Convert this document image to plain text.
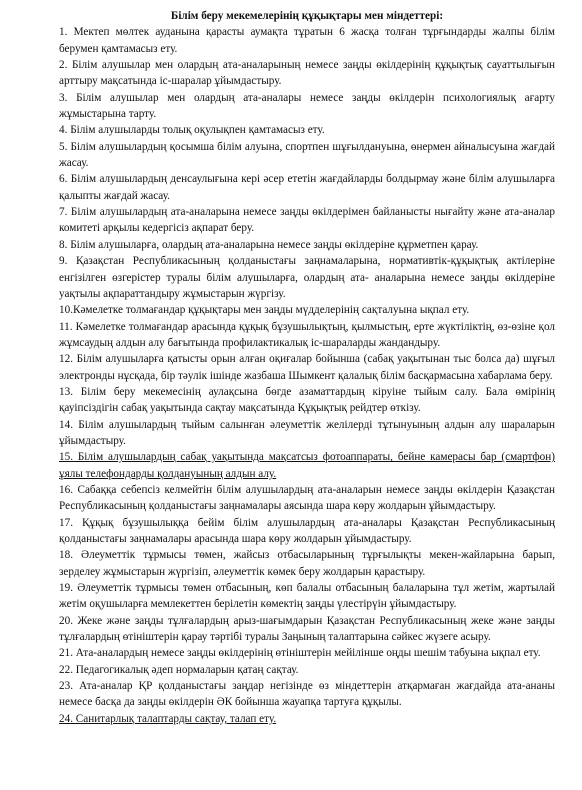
Білім беру мекемелерінің құқықтары мен міндеттері:

1. Мектеп мөлтек ауданына қарасты аумақта тұратын 6 жасқа толған тұрғындарды жалпы білім берумен қамтамасыз ету.

2. Білім алушылар мен олардың ата-аналарының немесе заңды өкілдерінің құқықтық сауаттылығын арттыру мақсатында іс-шаралар ұйымдастыру.

3. Білім алушылар мен олардың ата-аналары немесе заңды өкілдерін психологиялық ағарту жұмыстарына тарту.

4. Білім алушыларды толық оқулықпен қамтамасыз ету.

5. Білім алушылардың қосымша білім алуына, спортпен шұғылдануына, өнермен айналысуына жағдай жасау.

6. Білім алушылардың денсаулығына кері әсер ететін жағдайларды болдырмау және білім алушыларға қалыпты жағдай жасау.

7. Білім алушылардың ата-аналарына немесе заңды өкілдерімен байланысты нығайту және ата-аналар комитеті арқылы кедергісіз ақпарат беру.

8. Білім алушыларға, олардың ата-аналарына немесе заңды өкілдеріне құрметпен қарау.

9. Қазақстан Республикасының қолданыстағы заңнамаларына, нормативтік-құқықтық актілеріне енгізілген өзгерістер туралы білім алушыларға, олардың ата- аналарына немесе заңды өкілдеріне уақтылы ақпараттандыру жұмыстарын жүргізу.

10.Кәмелетке толмағандар құқықтары мен заңды мүдделерінің сақталуына ықпал ету.

11. Кәмелетке толмағандар арасында құқық бұзушылықтың, қылмыстың, ерте жүктіліктің, өз-өзіне қол жұмсаудың алдын алу бағытында профилактикалық іс-шараларды жандандыру.

12. Білім алушыларға қатысты орын алған оқиғалар бойынша (сабақ уақытынан тыс болса да) шұғыл электронды нұсқада, бір тәулік ішінде жазбаша Шымкент қалалық білім басқармасына хабарлама беру.

13. Білім беру мекемесінің аулақсына бөгде азаматтардың кіруіне тыйым салу. Бала өмірінің қауіпсіздігін сабақ уақытында сақтау мақсатында Құқықтық рейдтер өткізу.

14. Білім алушылардың тыйым салынған әлеуметтік желілерді тұтынуының алдын алу шараларын ұйымдастыру.

15. Білім алушылардың сабақ уақытында мақсатсыз фотоаппараты, бейне камерасы бар (смартфон) ұялы телефондарды қолдануының алдын алу.

16. Сабаққа себепсіз келмейтін білім алушылардың ата-аналарын немесе заңды өкілдерін Қазақстан Республикасының қолданыстағы заңнамалары аясында шара көру жолдарын ұйымдастыру.

17. Құқық бұзушылыққа бейім білім алушылардың ата-аналары Қазақстан Республикасының қолданыстағы заңнамалары арасында шара көру жолдарын ұйымдастыру.

18. Әлеуметтік тұрмысы төмен, жайсыз отбасыларының тұрғылықты мекен-жайларына барып, зерделеу жұмыстарын жүргізіп, әлеуметтік көмек беру жолдарын қарастыру.

19. Әлеуметтік тұрмысы төмен отбасының, көп балалы отбасының балаларына тұл жетім, жартылай жетім оқушыларға мемлекеттен берілетін көмектің заңды үлестірүін ұйымдастыру.

20. Жеке және заңды тұлғалардың арыз-шағымдарын Қазақстан Республикасының жеке және заңды тұлғалардың өтініштерін қарау тәртібі туралы Заңының талаптарына сәйкес жүзеге асыру.

21. Ата-аналардың немесе заңды өкілдерінің өтініштерін мейілінше оңды шешім табуына ықпал ету.

22. Педагогикалық әдеп нормаларын қатаң сақтау.

23. Ата-аналар ҚР қолданыстағы заңдар негізінде өз міндеттерін атқармаған жағдайда ата-ананы немесе басқа да заңды өкілдерін ӘК бойынша жауапқа тартуға құқылы.

24. Санитарлық талаптарды сақтау, талап ету.
